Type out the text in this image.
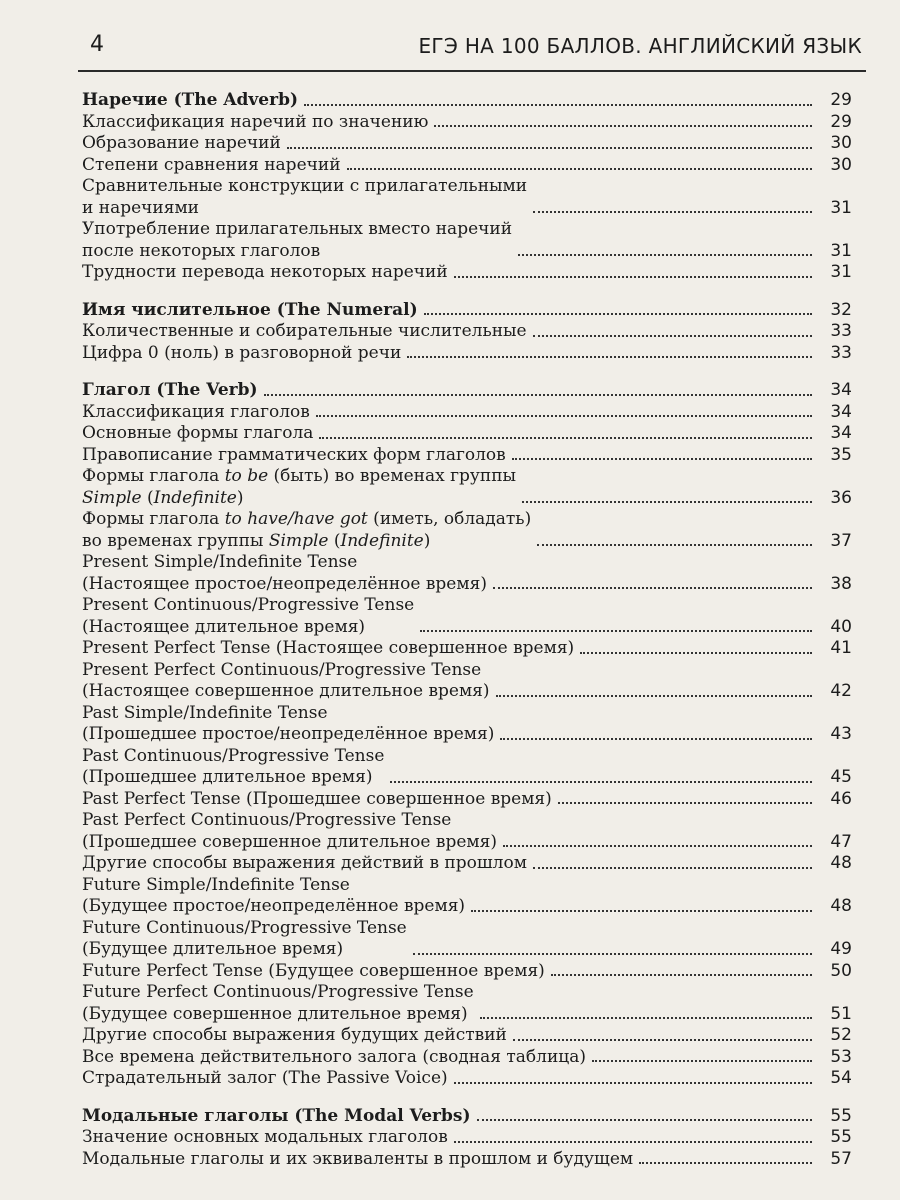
4	ЕГЭ НА 100 БАЛЛОВ. АНГЛИЙСКИЙ ЯЗЫК
Наречие (The Adverb)	29
Классификация наречий по значению	29
Образование наречий	30
Степени сравнения наречий	30
Сравнительные конструкции с прилагательными
и наречиями	31
Употребление прилагательных вместо наречий
после некоторых глаголов	31
Трудности перевода некоторых наречий	31
Имя числительное (The Numeral)	32
Количественные и собирательные числительные	33
Цифра 0 (ноль) в разговорной речи	33
Глагол (The Verb)	34
Классификация глаголов	34
Основные формы глагола	34
Правописание грамматических форм глаголов	35
Формы глагола to be (быть) во временах группы
Simple (Indefinite)	36
Формы глагола to have/have got (иметь, обладать)
во временах группы Simple (Indefinite)	37
Present Simple/Indefinite Tense
(Настоящее простое/неопределённое время)	38
Present Continuous/Progressive Tense
(Настоящее длительное время)	40
Present Perfect Tense (Настоящее совершенное время)	41
Present Perfect Continuous/Progressive Tense
(Настоящее совершенное длительное время)	42
Past Simple/Indefinite Tense
(Прошедшее простое/неопределённое время)	43
Past Continuous/Progressive Tense
(Прошедшее длительное время)	45
Past Perfect Tense (Прошедшее совершенное время)	46
Past Perfect Continuous/Progressive Tense
(Прошедшее совершенное длительное время)	47
Другие способы выражения действий в прошлом	48
Future Simple/Indefinite Tense
(Будущее простое/неопределённое время)	48
Future Continuous/Progressive Tense
(Будущее длительное время)	49
Future Perfect Tense (Будущее совершенное время)	50
Future Perfect Continuous/Progressive Tense
(Будущее совершенное длительное время)	51
Другие способы выражения будущих действий	52
Все времена действительного залога (сводная таблица)	53
Страдательный залог (The Passive Voice)	54
Модальные глаголы (The Modal Verbs)	55
Значение основных модальных глаголов	55
Модальные глаголы и их эквиваленты в прошлом и будущем	57
